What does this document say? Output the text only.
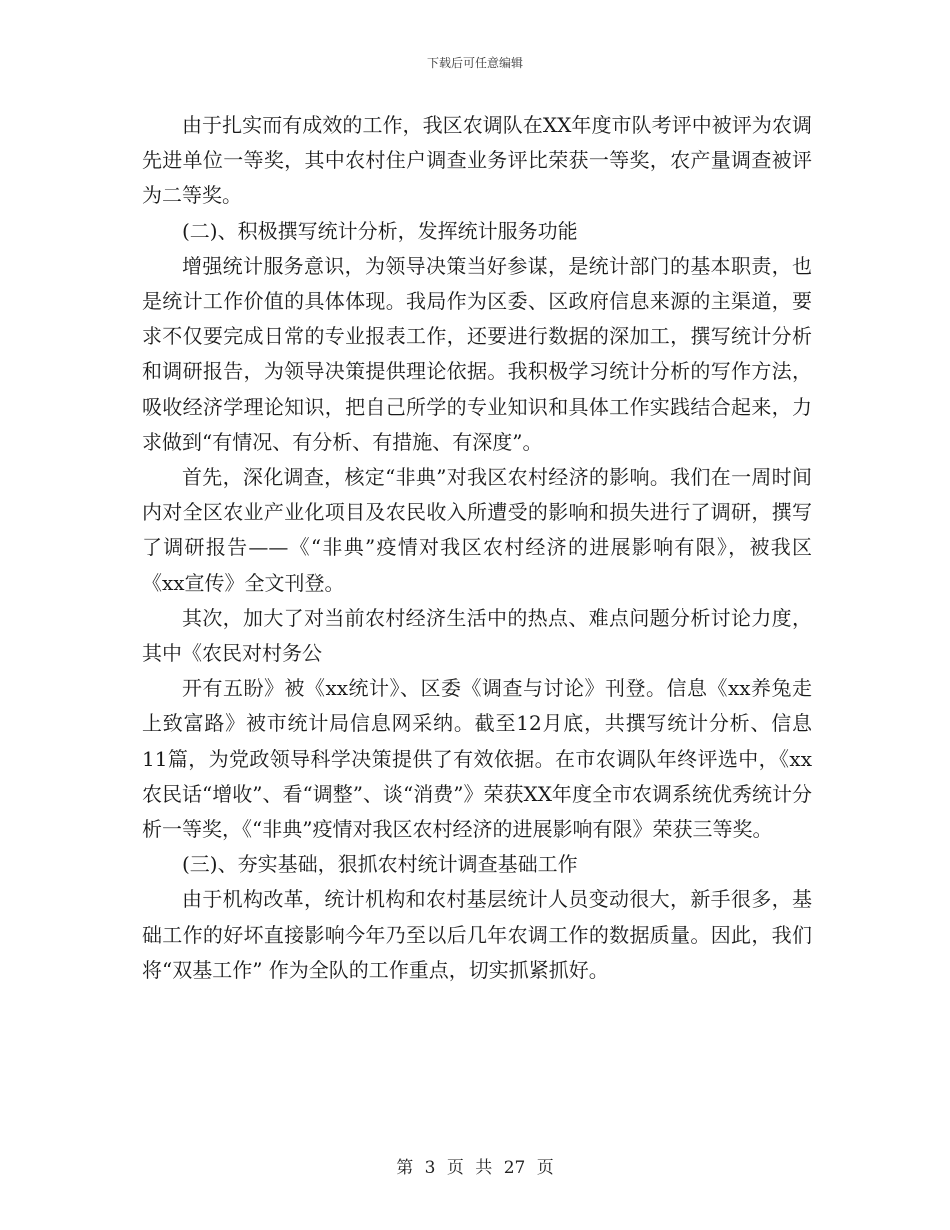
下载后可任意编辑

由于扎实而有成效的工作，我区农调队在XX年度市队考评中被评为农调先进单位一等奖，其中农村住户调查业务评比荣获一等奖，农产量调查被评为二等奖。

(二)、积极撰写统计分析，发挥统计服务功能

增强统计服务意识，为领导决策当好参谋，是统计部门的基本职责，也是统计工作价值的具体体现。我局作为区委、区政府信息来源的主渠道，要求不仅要完成日常的专业报表工作，还要进行数据的深加工，撰写统计分析和调研报告，为领导决策提供理论依据。我积极学习统计分析的写作方法，吸收经济学理论知识，把自己所学的专业知识和具体工作实践结合起来，力求做到“有情况、有分析、有措施、有深度”。

首先，深化调查，核定“非典”对我区农村经济的影响。我们在一周时间内对全区农业产业化项目及农民收入所遭受的影响和损失进行了调研，撰写了调研报告——《“非典”疫情对我区农村经济的进展影响有限》，被我区《xx宣传》全文刊登。

其次，加大了对当前农村经济生活中的热点、难点问题分析讨论力度，其中《农民对村务公

开有五盼》被《xx统计》、区委《调查与讨论》刊登。信息《xx养兔走上致富路》被市统计局信息网采纳。截至12月底，共撰写统计分析、信息11篇，为党政领导科学决策提供了有效依据。在市农调队年终评选中，《xx农民话“增收”、看“调整”、谈“消费”》荣获XX年度全市农调系统优秀统计分析一等奖，《“非典”疫情对我区农村经济的进展影响有限》荣获三等奖。

(三)、夯实基础，狠抓农村统计调查基础工作

由于机构改革，统计机构和农村基层统计人员变动很大，新手很多，基础工作的好坏直接影响今年乃至以后几年农调工作的数据质量。因此，我们将“双基工作” 作为全队的工作重点，切实抓紧抓好。

第 3 页 共 27 页
